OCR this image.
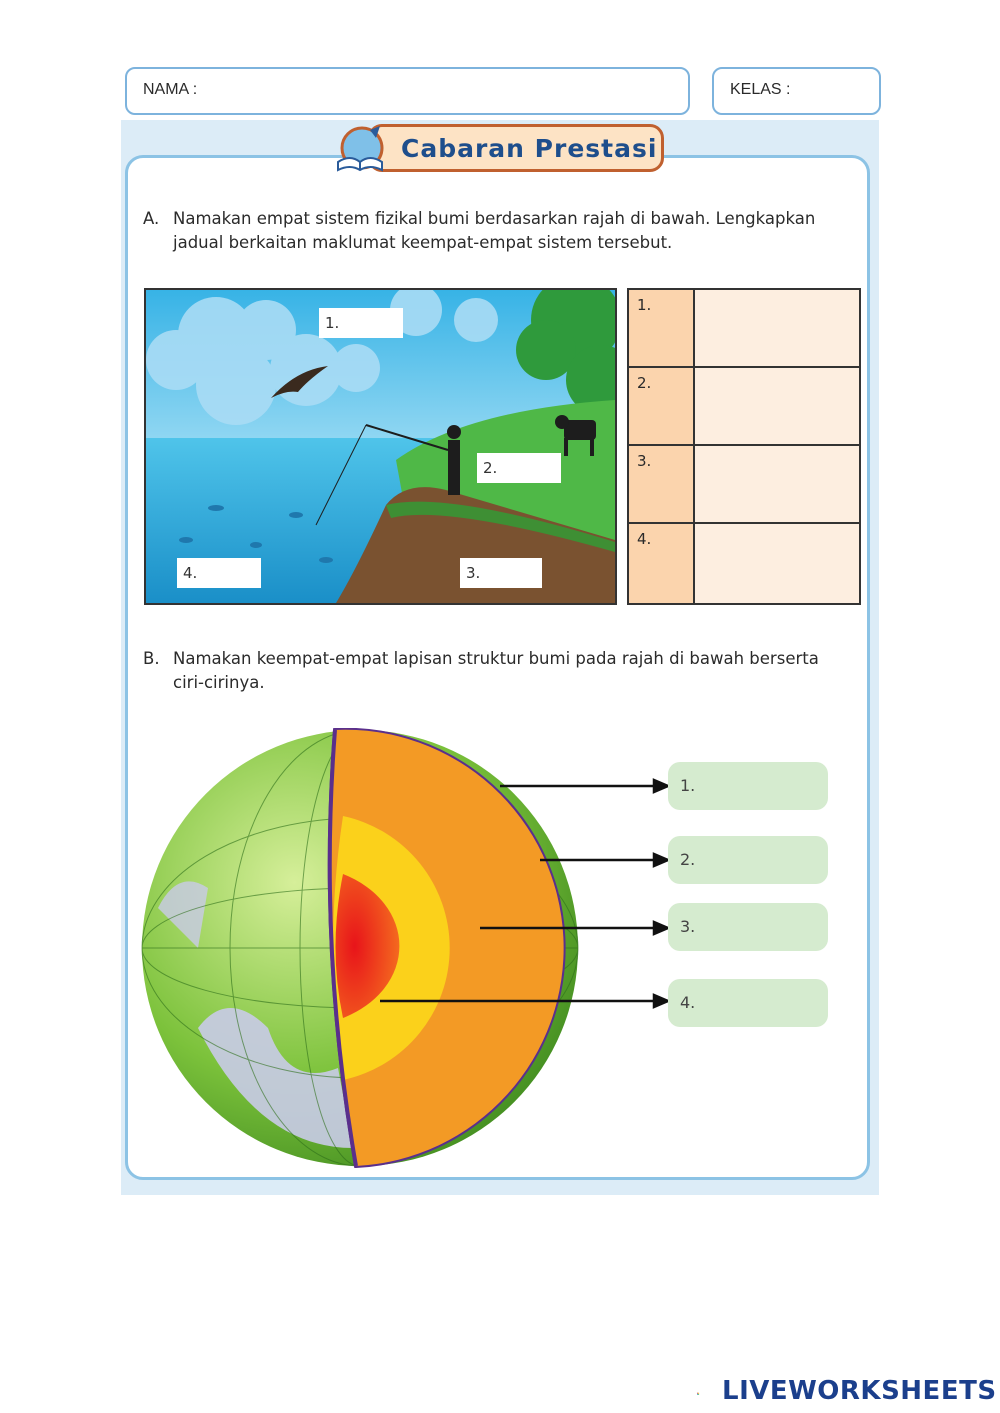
NAMA :	KELAS :
Cabaran Prestasi
A. Namakan empat sistem fizikal bumi berdasarkan rajah di bawah. Lengkapkan
jadual berkaitan maklumat keempat-empat sistem tersebut.
1.
2.
3.
4.
1.
2.
3.
4.
B. Namakan keempat-empat lapisan struktur bumi pada rajah di bawah berserta
ciri-cirinya.
1.
2.
3.
4.
LIVEWORKSHEETS
